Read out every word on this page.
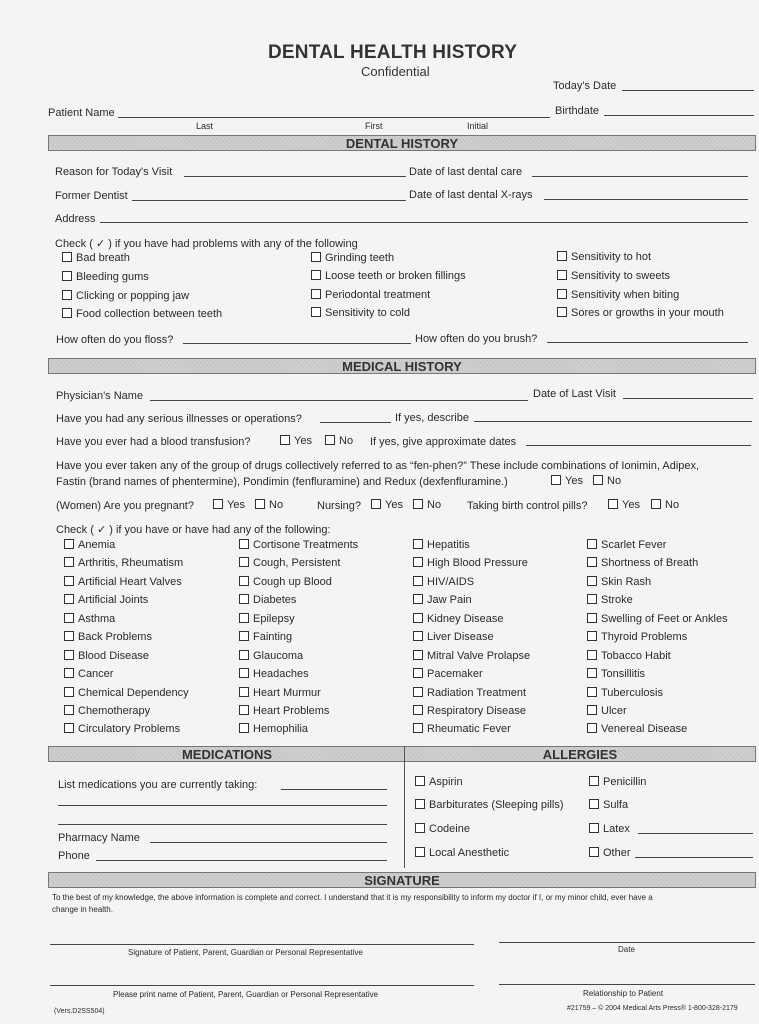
DENTAL HEALTH HISTORY
Confidential
Today's Date
Patient Name	Birthdate
Last	First	Initial
DENTAL HISTORY
Reason for Today's Visit	Date of last dental care
Former Dentist	Date of last dental X-rays
Address
Check ( ✓ ) if you have had problems with any of the following
Bad breath
Bleeding gums
Clicking or popping jaw
Food collection between teeth
Grinding teeth
Loose teeth or broken fillings
Periodontal treatment
Sensitivity to cold
Sensitivity to hot
Sensitivity to sweets
Sensitivity when biting
Sores or growths in your mouth
How often do you floss?	How often do you brush?
MEDICAL HISTORY
Physician's Name	Date of Last Visit
Have you had any serious illnesses or operations?	If yes, describe
Have you ever had a blood transfusion?	Yes	No If yes, give approximate dates
Have you ever taken any of the group of drugs collectively referred to as “fen-phen?” These include combinations of Ionimin, Adipex,
Fastin (brand names of phentermine), Pondimin (fenfluramine) and Redux (dexfenfluramine.)	Yes	No
(Women) Are you pregnant?	Yes	No	Nursing?	Yes	No Taking birth control pills?	Yes	No
Check ( ✓ ) if you have or have had any of the following:
Anemia
Arthritis, Rheumatism
Artificial Heart Valves
Artificial Joints
Asthma
Back Problems
Blood Disease
Cancer
Chemical Dependency
Chemotherapy
Circulatory Problems
Cortisone Treatments
Cough, Persistent
Cough up Blood
Diabetes
Epilepsy
Fainting
Glaucoma
Headaches
Heart Murmur
Heart Problems
Hemophilia
Hepatitis
High Blood Pressure
HIV/AIDS
Jaw Pain
Kidney Disease
Liver Disease
Mitral Valve Prolapse
Pacemaker
Radiation Treatment
Respiratory Disease
Rheumatic Fever
Scarlet Fever
Shortness of Breath
Skin Rash
Stroke
Swelling of Feet or Ankles
Thyroid Problems
Tobacco Habit
Tonsillitis
Tuberculosis
Ulcer
Venereal Disease
MEDICATIONS	ALLERGIES
List medications you are currently taking:
Pharmacy Name
Phone
Aspirin
Barbiturates (Sleeping pills)
Codeine
Local Anesthetic
Penicillin
Sulfa
Latex
Other
SIGNATURE
To the best of my knowledge, the above information is complete and correct. I understand that it is my responsibility to inform my doctor if I, or my minor child, ever have a
change in health.
Signature of Patient, Parent, Guardian or Personal Representative	Date
Please print name of Patient, Parent, Guardian or Personal Representative	Relationship to Patient
(Vers.D2SS504)	#21759 – © 2004 Medical Arts Press® 1-800-328-2179
